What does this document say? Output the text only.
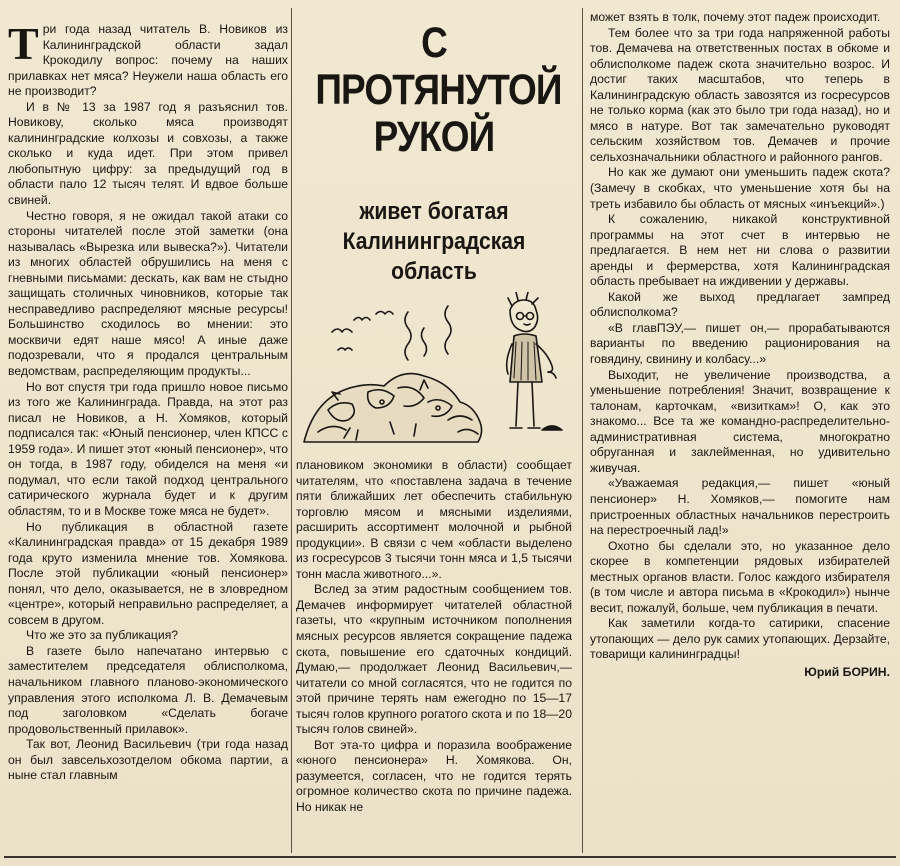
Три года назад читатель В. Новиков из Калининградской области задал Крокодилу вопрос: почему на наших прилавках нет мяса? Неужели наша область его не производит?

И в № 13 за 1987 год я разъяснил тов. Новикову, сколько мяса производят калининградские колхозы и совхозы, а также сколько и куда идет. При этом привел любопытную цифру: за предыдущий год в области пало 12 тысяч телят. И вдвое больше свиней.

Честно говоря, я не ожидал такой атаки со стороны читателей после этой заметки (она называлась «Вырезка или вывеска?»). Читатели из многих областей обрушились на меня с гневными письмами: дескать, как вам не стыдно защищать столичных чиновников, которые так несправедливо распределяют мясные ресурсы! Большинство сходилось во мнении: это москвичи едят наше мясо! А иные даже подозревали, что я продался центральным ведомствам, распределяющим продукты...

Но вот спустя три года пришло новое письмо из того же Калининграда. Правда, на этот раз писал не Новиков, а Н. Хомяков, который подписался так: «Юный пенсионер, член КПСС с 1959 года». И пишет этот «юный пенсионер», что он тогда, в 1987 году, обиделся на меня «и подумал, что если такой подход центрального сатирического журнала будет и к другим областям, то и в Москве тоже мяса не будет».

Но публикация в областной газете «Калининградская правда» от 15 декабря 1989 года круто изменила мнение тов. Хомякова. После этой публикации «юный пенсионер» понял, что дело, оказывается, не в зловредном «центре», который неправильно распределяет, а совсем в другом.

Что же это за публикация?

В газете было напечатано интервью с заместителем председателя облисполкома, начальником главного планово-экономического управления этого исполкома Л. В. Демачевым под заголовком «Сделать богаче продовольственный прилавок».

Так вот, Леонид Васильевич (три года назад он был завсельхозотделом обкома партии, а ныне стал главным

С
ПРОТЯНУТОЙ
РУКОЙ
живет богатая
Калининградская
область

плановиком экономики в области) сообщает читателям, что «поставлена задача в течение пяти ближайших лет обеспечить стабильную торговлю мясом и мясными изделиями, расширить ассортимент молочной и рыбной продукции». В связи с чем «области выделено из госресурсов 3 тысячи тонн мяса и 1,5 тысячи тонн масла животного...».

Вслед за этим радостным сообщением тов. Демачев информирует читателей областной газеты, что «крупным источником пополнения мясных ресурсов является сокращение падежа скота, повышение его сдаточных кондиций. Думаю,— продолжает Леонид Васильевич,— читатели со мной согласятся, что не годится по этой причине терять нам ежегодно по 15—17 тысяч голов крупного рогатого скота и по 18—20 тысяч голов свиней».

Вот эта-то цифра и поразила воображение «юного пенсионера» Н. Хомякова. Он, разумеется, согласен, что не годится терять огромное количество скота по причине падежа. Но никак не

может взять в толк, почему этот падеж происходит.

Тем более что за три года напряженной работы тов. Демачева на ответственных постах в обкоме и облисполкоме падеж скота значительно возрос. И достиг таких масштабов, что теперь в Калининградскую область завозятся из госресурсов не только корма (как это было три года назад), но и мясо в натуре. Вот так замечательно руководят сельским хозяйством тов. Демачев и прочие сельхозначальники областного и районного рангов.

Но как же думают они уменьшить падеж скота? (Замечу в скобках, что уменьшение хотя бы на треть избавило бы область от мясных «инъекций».)

К сожалению, никакой конструктивной программы на этот счет в интервью не предлагается. В нем нет ни слова о развитии аренды и фермерства, хотя Калининградская область пребывает на иждивении у державы.

Какой же выход предлагает зампред облисполкома?

«В главПЭУ,— пишет он,— прорабатываются варианты по введению рационирования на говядину, свинину и колбасу...»

Выходит, не увеличение производства, а уменьшение потребления! Значит, возвращение к талонам, карточкам, «визиткам»! О, как это знакомо... Все та же командно-распределительно-административная система, многократно обруганная и заклейменная, но удивительно живучая.

«Уважаемая редакция,— пишет «юный пенсионер» Н. Хомяков,— помогите нам пристроенных областных начальников перестроить на перестроечный лад!»

Охотно бы сделали это, но указанное дело скорее в компетенции рядовых избирателей местных органов власти. Голос каждого избирателя (в том числе и автора письма в «Крокодил») нынче весит, пожалуй, больше, чем публикация в печати.

Как заметили когда-то сатирики, спасение утопающих — дело рук самих утопающих. Дерзайте, товарищи калининградцы!

Юрий БОРИН.
